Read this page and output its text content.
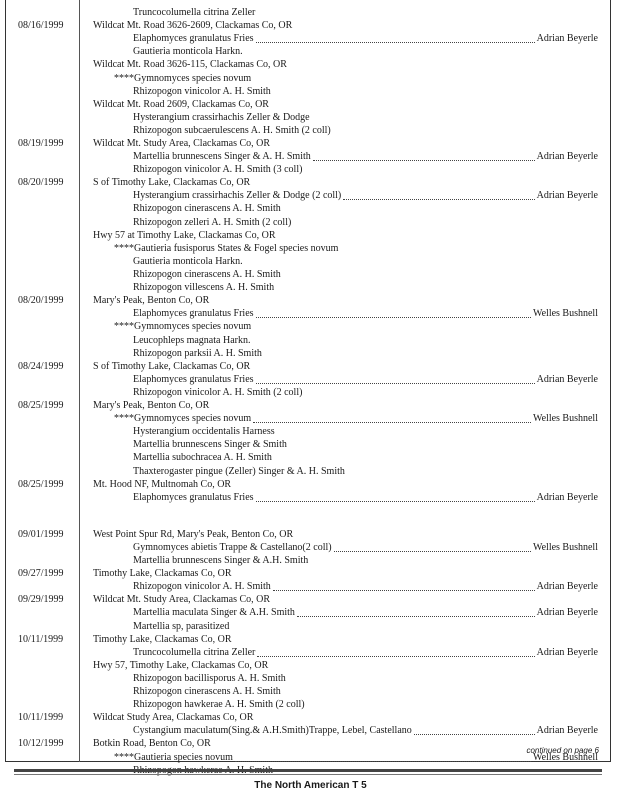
Truncocolumella citrina Zeller
08/16/1999	Wildcat Mt. Road 3626-2609, Clackamas Co, OR
Elaphomyces granulatus Fries	Adrian Beyerle
Gautieria monticola Harkn.
Wildcat Mt. Road 3626-115, Clackamas Co, OR
****Gymnomyces species novum
Rhizopogon vinicolor A. H. Smith
Wildcat Mt. Road 2609, Clackamas Co, OR
Hysterangium crassirhachis Zeller & Dodge
Rhizopogon subcaerulescens A. H. Smith (2 coll)
08/19/1999	Wildcat Mt. Study Area, Clackamas Co, OR
Martellia brunnescens Singer & A. H. Smith	Adrian Beyerle
Rhizopogon vinicolor A. H. Smith (3 coll)
08/20/1999	S of Timothy Lake, Clackamas Co, OR
Hysterangium crassirhachis Zeller & Dodge (2 coll)	Adrian Beyerle
Rhizopogon cinerascens A. H. Smith
Rhizopogon zelleri A. H. Smith (2 coll)
Hwy 57 at Timothy Lake, Clackamas Co, OR
****Gautieria fusisporus States & Fogel species novum
Gautieria monticola Harkn.
Rhizopogon cinerascens A. H. Smith
Rhizopogon villescens A. H. Smith
08/20/1999	Mary's Peak, Benton Co, OR
Elaphomyces granulatus Fries	Welles Bushnell
****Gymnomyces species novum
Leucophleps magnata Harkn.
Rhizopogon parksii A. H. Smith
08/24/1999	S of Timothy Lake, Clackamas Co, OR
Elaphomyces granulatus Fries	Adrian Beyerle
Rhizopogon vinicolor A. H. Smith (2 coll)
08/25/1999	Mary's Peak, Benton Co, OR
****Gymnomyces species novum	Welles Bushnell
Hysterangium occidentalis Harness
Martellia brunnescens Singer & Smith
Martellia subochracea A. H. Smith
Thaxterogaster pingue (Zeller) Singer & A. H. Smith
08/25/1999	Mt. Hood NF, Multnomah Co, OR
Elaphomyces granulatus Fries	Adrian Beyerle
09/01/1999	West Point Spur Rd, Mary's Peak, Benton Co, OR
Gymnomyces abietis Trappe & Castellano(2 coll)	Welles Bushnell
Martellia brunnescens Singer & A.H. Smith
09/27/1999	Timothy Lake, Clackamas Co, OR
Rhizopogon vinicolor A. H. Smith	Adrian Beyerle
09/29/1999	Wildcat Mt. Study Area, Clackamas Co, OR
Martellia maculata Singer & A.H. Smith	Adrian Beyerle
Martellia sp, parasitized
10/11/1999	Timothy Lake, Clackamas Co, OR
Truncocolumella citrina Zeller	Adrian Beyerle
Hwy 57, Timothy Lake, Clackamas Co, OR
Rhizopogon bacillisporus A. H. Smith
Rhizopogon cinerascens A. H. Smith
Rhizopogon hawkerae A. H. Smith (2 coll)
10/11/1999	Wildcat Study Area, Clackamas Co, OR
Cystangium maculatum(Sing.& A.H.Smith)Trappe, Lebel, Castellano	Adrian Beyerle
10/12/1999	Botkin Road, Benton Co, OR
****Gautieria species novum	Welles Bushnell
continued on page 6
The North American T 5
